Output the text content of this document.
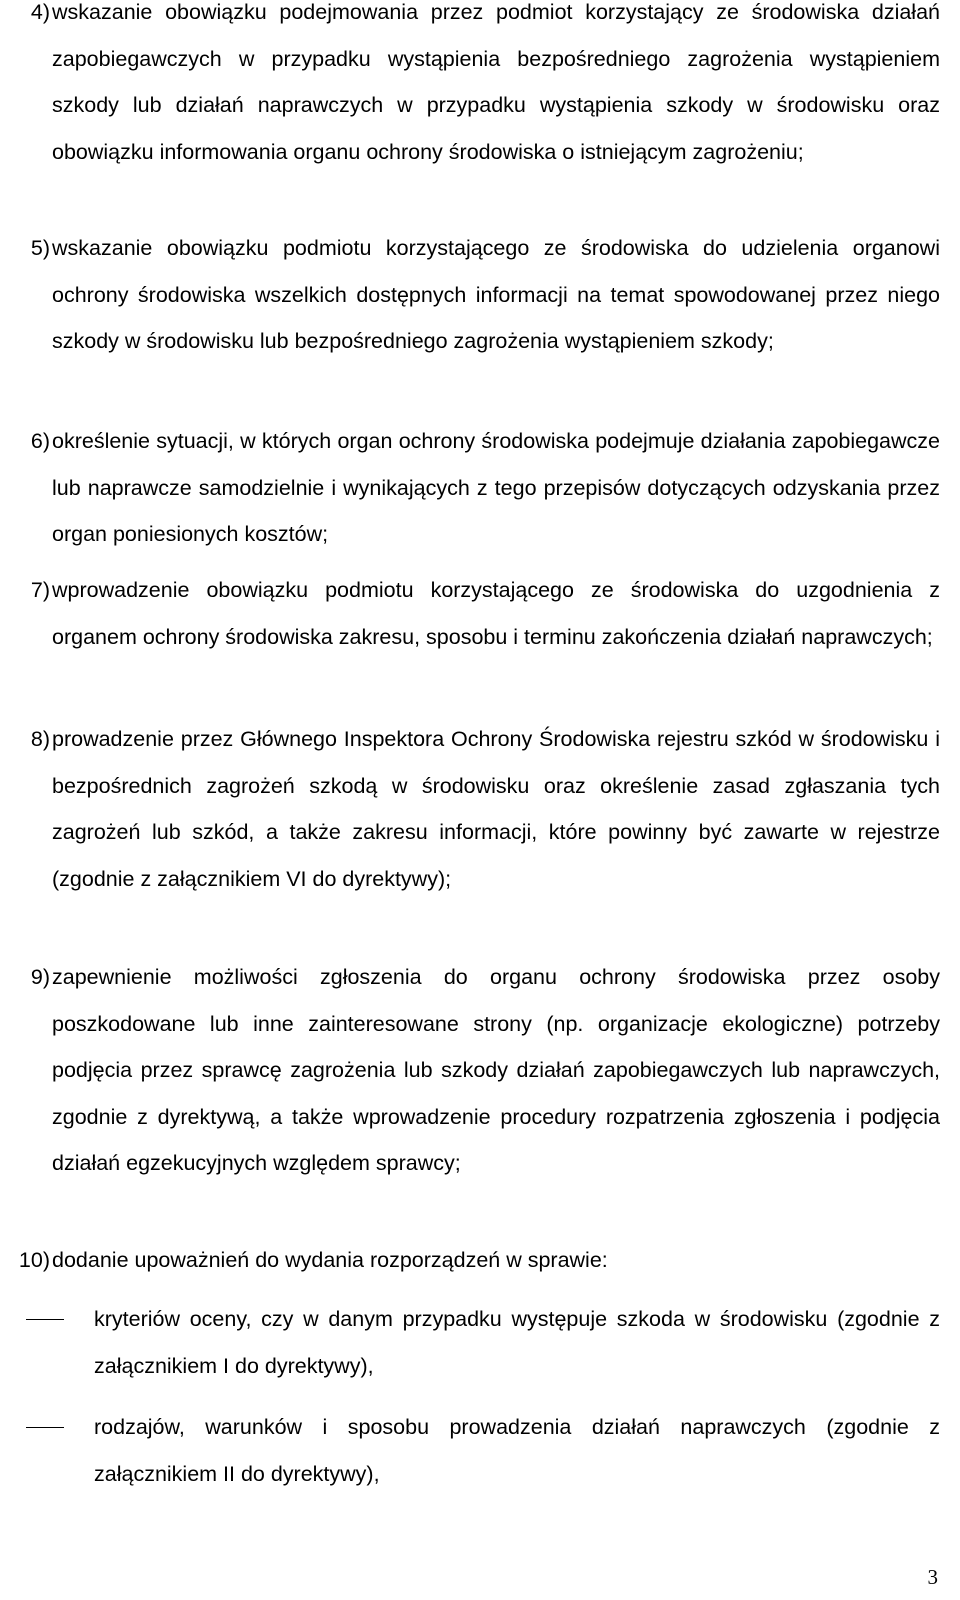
4) wskazanie obowiązku podejmowania przez podmiot korzystający ze środowiska działań zapobiegawczych w przypadku wystąpienia bezpośredniego zagrożenia wystąpieniem szkody lub działań naprawczych w przypadku wystąpienia szkody w środowisku oraz obowiązku informowania organu ochrony środowiska o istniejącym zagrożeniu;
5) wskazanie obowiązku podmiotu korzystającego ze środowiska do udzielenia organowi ochrony środowiska wszelkich dostępnych informacji na temat spowodowanej przez niego szkody w środowisku lub bezpośredniego zagrożenia wystąpieniem szkody;
6) określenie sytuacji, w których organ ochrony środowiska podejmuje działania zapobiegawcze lub naprawcze samodzielnie i wynikających z tego przepisów dotyczących odzyskania przez organ poniesionych kosztów;
7) wprowadzenie obowiązku podmiotu korzystającego ze środowiska do uzgodnienia z organem ochrony środowiska zakresu, sposobu i terminu zakończenia działań naprawczych;
8) prowadzenie przez Głównego Inspektora Ochrony Środowiska rejestru szkód w środowisku i bezpośrednich zagrożeń szkodą w środowisku oraz określenie zasad zgłaszania tych zagrożeń lub szkód, a także zakresu informacji, które powinny być zawarte w rejestrze (zgodnie z załącznikiem VI do dyrektywy);
9) zapewnienie możliwości zgłoszenia do organu ochrony środowiska przez osoby poszkodowane lub inne zainteresowane strony (np. organizacje ekologiczne) potrzeby podjęcia przez sprawcę zagrożenia lub szkody działań zapobiegawczych lub naprawczych, zgodnie z dyrektywą, a także wprowadzenie procedury rozpatrzenia zgłoszenia i podjęcia działań egzekucyjnych względem sprawcy;
10) dodanie upoważnień do wydania rozporządzeń w sprawie:
kryteriów oceny, czy w danym przypadku występuje szkoda w środowisku (zgodnie z załącznikiem I do dyrektywy),
rodzajów, warunków i sposobu prowadzenia działań naprawczych (zgodnie z załącznikiem II do dyrektywy),
3
